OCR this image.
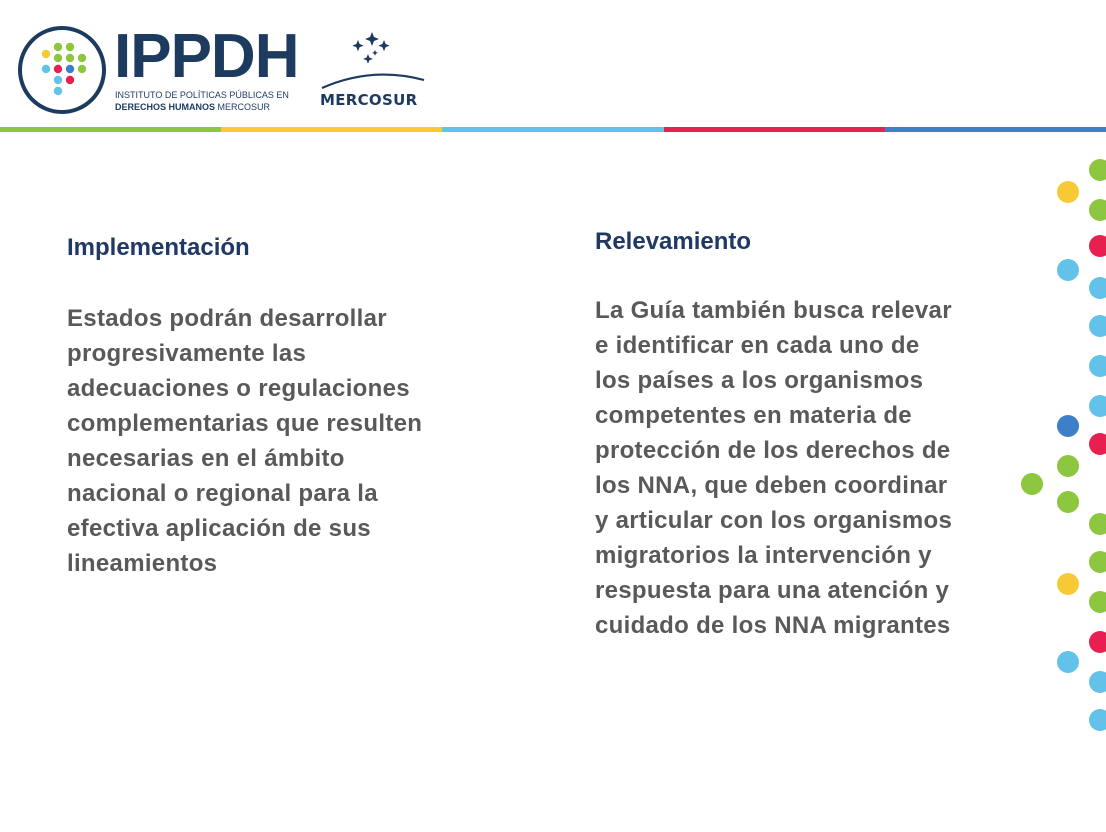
IPPDH
INSTITUTO DE POLÍTICAS PÚBLICAS EN
DERECHOS HUMANOS MERCOSUR	MERCOSUR
Implementación

Estados podrán desarrollar
progresivamente las
adecuaciones o regulaciones
complementarias que resulten
necesarias en el ámbito
nacional o regional para la
efectiva aplicación de sus
lineamientos

Relevamiento

La Guía también busca relevar
e identificar en cada uno de
los países a los organismos
competentes en materia de
protección de los derechos de
los NNA, que deben coordinar
y articular con los organismos
migratorios la intervención y
respuesta para una atención y
cuidado de los NNA migrantes
